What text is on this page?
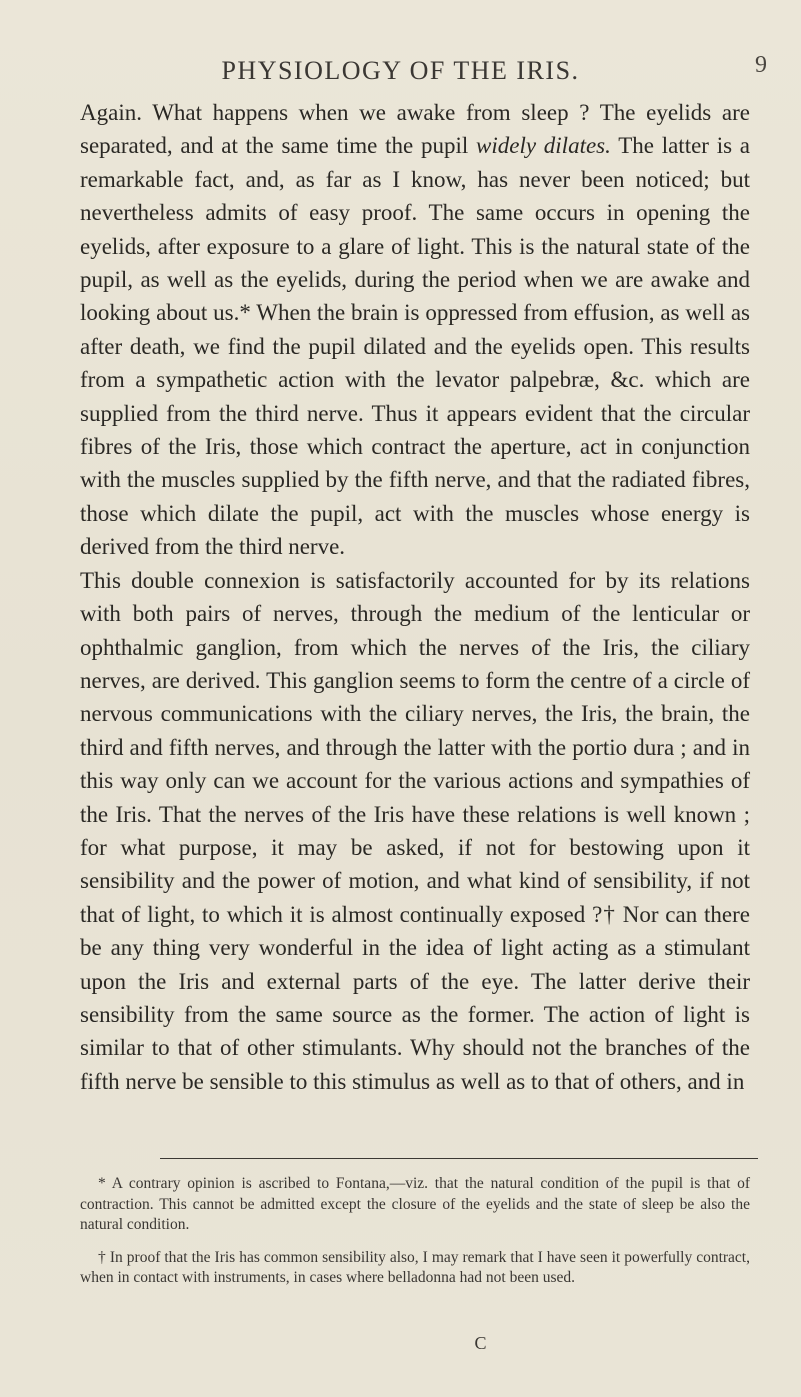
PHYSIOLOGY OF THE IRIS.	9

Again. What happens when we awake from sleep ? The eyelids are separated, and at the same time the pupil widely dilates. The latter is a remarkable fact, and, as far as I know, has never been noticed; but nevertheless admits of easy proof. The same occurs in opening the eyelids, after exposure to a glare of light. This is the natural state of the pupil, as well as the eyelids, during the period when we are awake and looking about us.* When the brain is oppressed from effusion, as well as after death, we find the pupil dilated and the eyelids open. This results from a sympathetic action with the levator palpebræ, &c. which are supplied from the third nerve. Thus it appears evident that the circular fibres of the Iris, those which contract the aperture, act in conjunction with the muscles supplied by the fifth nerve, and that the radiated fibres, those which dilate the pupil, act with the muscles whose energy is derived from the third nerve.

This double connexion is satisfactorily accounted for by its relations with both pairs of nerves, through the medium of the lenticular or ophthalmic ganglion, from which the nerves of the Iris, the ciliary nerves, are derived. This ganglion seems to form the centre of a circle of nervous communications with the ciliary nerves, the Iris, the brain, the third and fifth nerves, and through the latter with the portio dura ; and in this way only can we account for the various actions and sympathies of the Iris. That the nerves of the Iris have these relations is well known ; for what purpose, it may be asked, if not for bestowing upon it sensibility and the power of motion, and what kind of sensibility, if not that of light, to which it is almost continually exposed ?† Nor can there be any thing very wonderful in the idea of light acting as a stimulant upon the Iris and external parts of the eye. The latter derive their sensibility from the same source as the former. The action of light is similar to that of other stimulants. Why should not the branches of the fifth nerve be sensible to this stimulus as well as to that of others, and in

* A contrary opinion is ascribed to Fontana,—viz. that the natural condition of the pupil is that of contraction. This cannot be admitted except the closure of the eyelids and the state of sleep be also the natural condition.

† In proof that the Iris has common sensibility also, I may remark that I have seen it powerfully contract, when in contact with instruments, in cases where belladonna had not been used.

C
